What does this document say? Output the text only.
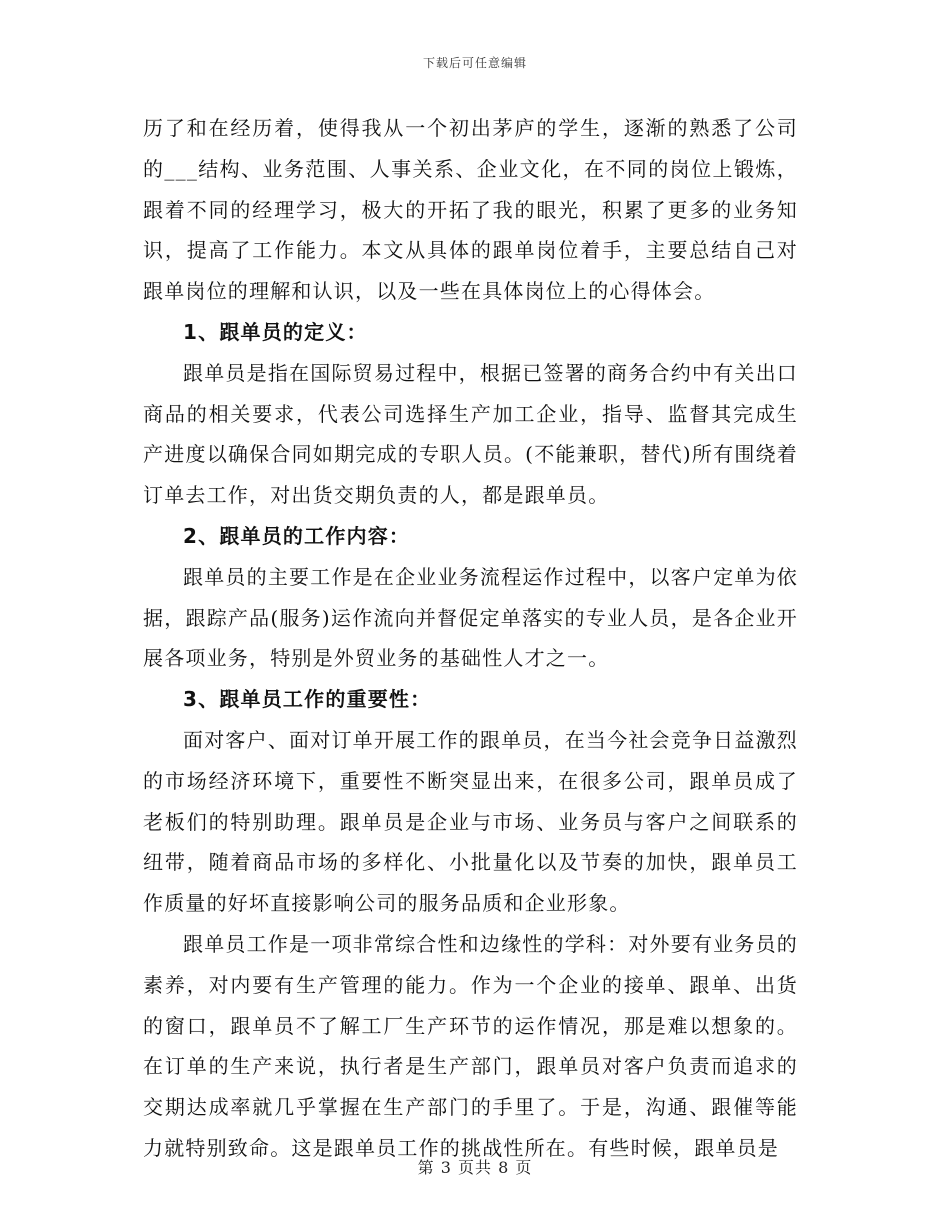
下载后可任意编辑

历了和在经历着，使得我从一个初出茅庐的学生，逐渐的熟悉了公司的___结构、业务范围、人事关系、企业文化，在不同的岗位上锻炼，跟着不同的经理学习，极大的开拓了我的眼光，积累了更多的业务知识，提高了工作能力。本文从具体的跟单岗位着手，主要总结自己对跟单岗位的理解和认识，以及一些在具体岗位上的心得体会。

1、跟单员的定义：

跟单员是指在国际贸易过程中，根据已签署的商务合约中有关出口商品的相关要求，代表公司选择生产加工企业，指导、监督其完成生产进度以确保合同如期完成的专职人员。(不能兼职，替代)所有围绕着订单去工作，对出货交期负责的人，都是跟单员。

2、跟单员的工作内容：

跟单员的主要工作是在企业业务流程运作过程中，以客户定单为依据，跟踪产品(服务)运作流向并督促定单落实的专业人员，是各企业开展各项业务，特别是外贸业务的基础性人才之一。

3、跟单员工作的重要性：

面对客户、面对订单开展工作的跟单员，在当今社会竞争日益激烈的市场经济环境下，重要性不断突显出来，在很多公司，跟单员成了老板们的特别助理。跟单员是企业与市场、业务员与客户之间联系的纽带，随着商品市场的多样化、小批量化以及节奏的加快，跟单员工作质量的好坏直接影响公司的服务品质和企业形象。

跟单员工作是一项非常综合性和边缘性的学科：对外要有业务员的素养，对内要有生产管理的能力。作为一个企业的接单、跟单、出货的窗口，跟单员不了解工厂生产环节的运作情况，那是难以想象的。在订单的生产来说，执行者是生产部门，跟单员对客户负责而追求的交期达成率就几乎掌握在生产部门的手里了。于是，沟通、跟催等能力就特别致命。这是跟单员工作的挑战性所在。有些时候，跟单员是

第 3 页共 8 页
